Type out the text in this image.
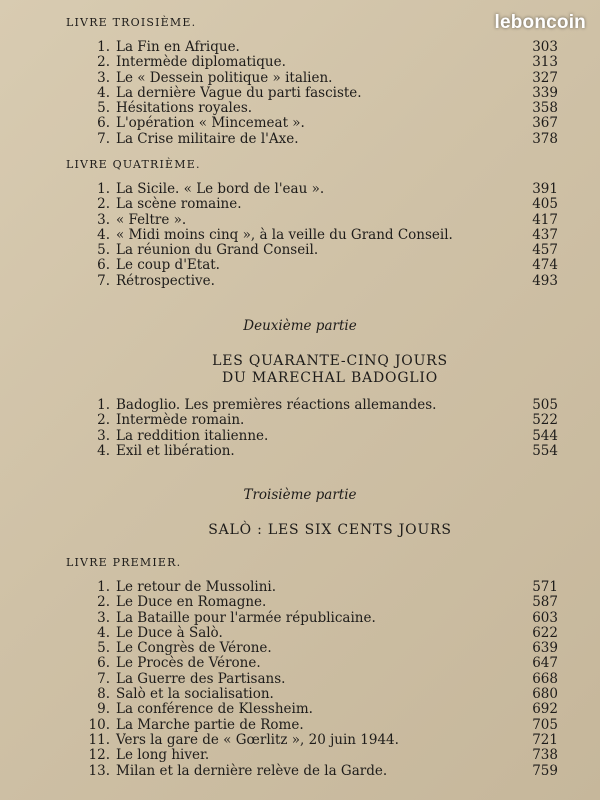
leboncoin
LIVRE TROISIÈME.
1. La Fin en Afrique.	303
2. Intermède diplomatique.	313
3. Le « Dessein politique » italien.	327
4. La dernière Vague du parti fasciste.	339
5. Hésitations royales.	358
6. L'opération « Mincemeat ».	367
7. La Crise militaire de l'Axe.	378
LIVRE QUATRIÈME.
1. La Sicile. « Le bord de l'eau ».	391
2. La scène romaine.	405
3. « Feltre ».	417
4. « Midi moins cinq », à la veille du Grand Conseil.	437
5. La réunion du Grand Conseil.	457
6. Le coup d'Etat.	474
7. Rétrospective.	493
Deuxième partie
LES QUARANTE-CINQ JOURS
DU MARECHAL BADOGLIO
1. Badoglio. Les premières réactions allemandes.	505
2. Intermède romain.	522
3. La reddition italienne.	544
4. Exil et libération.	554
Troisième partie
SALÒ : LES SIX CENTS JOURS
LIVRE PREMIER.
1. Le retour de Mussolini.	571
2. Le Duce en Romagne.	587
3. La Bataille pour l'armée républicaine.	603
4. Le Duce à Salò.	622
5. Le Congrès de Vérone.	639
6. Le Procès de Vérone.	647
7. La Guerre des Partisans.	668
8. Salò et la socialisation.	680
9. La conférence de Klessheim.	692
10. La Marche partie de Rome.	705
11. Vers la gare de « Gœrlitz », 20 juin 1944.	721
12. Le long hiver.	738
13. Milan et la dernière relève de la Garde.	759
